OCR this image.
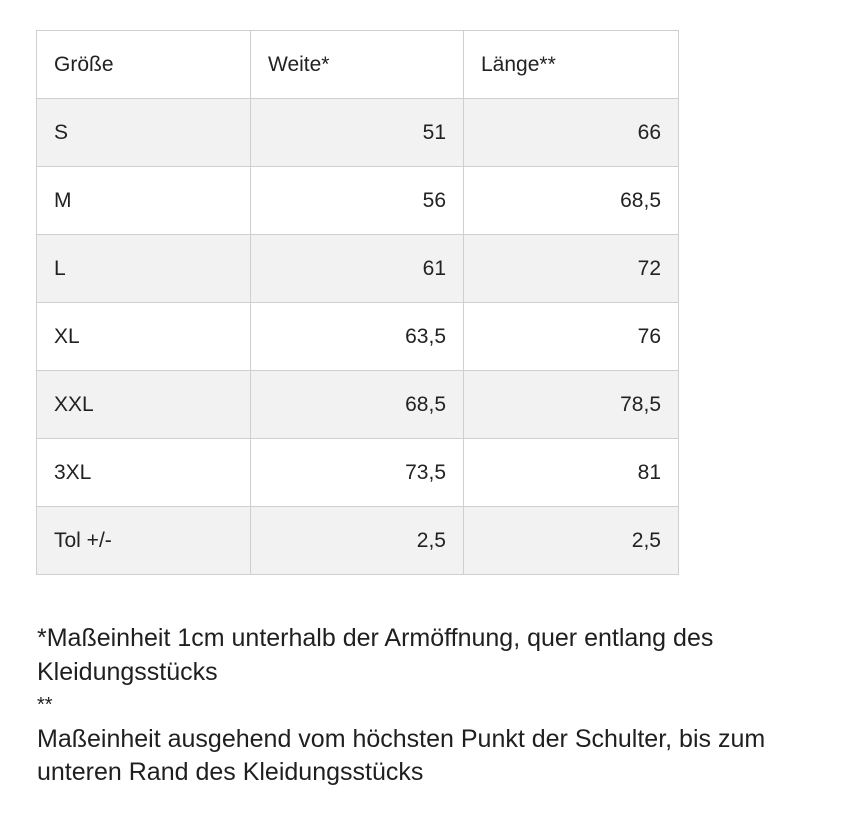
Größe	Weite*	Länge**
S	51	66
M	56	68,5
L	61	72
XL	63,5	76
XXL	68,5	78,5
3XL	73,5	81
Tol +/-	2,5	2,5
*Maßeinheit 1cm unterhalb der Armöffnung, quer entlang des Kleidungsstücks
**
Maßeinheit ausgehend vom höchsten Punkt der Schulter, bis zum
unteren Rand des Kleidungsstücks
